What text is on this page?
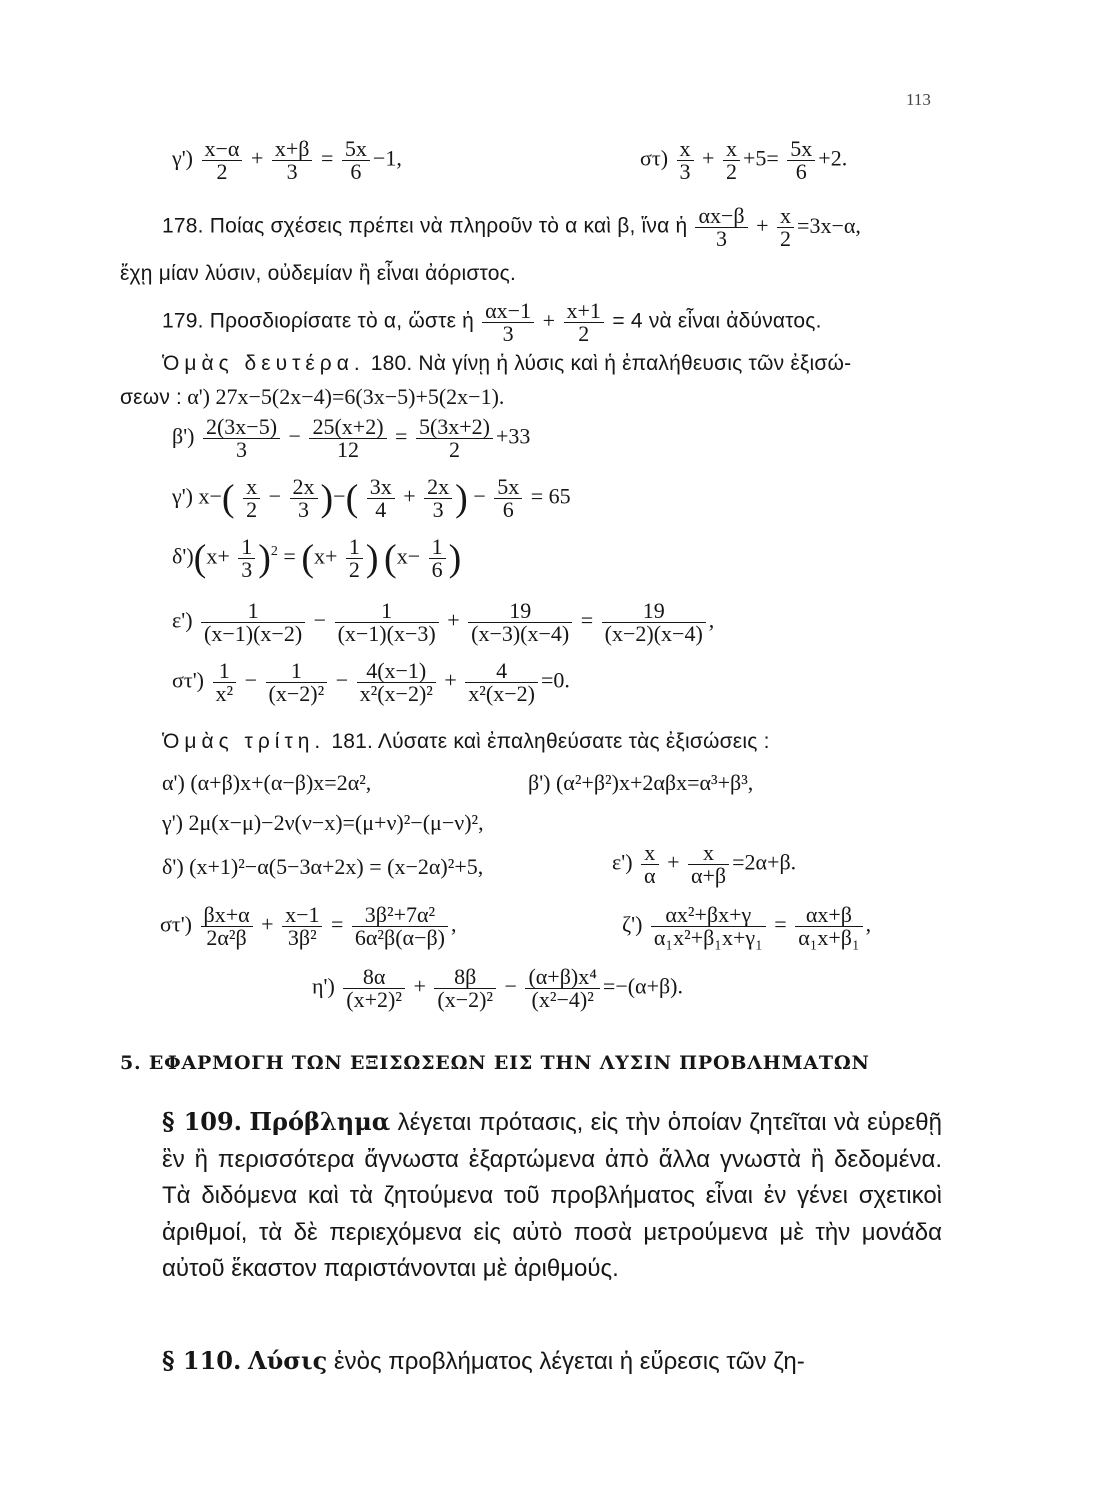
113
$\gamma') \frac{x-\alpha}{2} + \frac{x+\beta}{3} = \frac{5x}{6} -1$,	$\sigma\tau) \frac{x}{3} + \frac{x}{2} +5= \frac{5x}{6} +2$.
178. Ποίας σχέσεις πρέπει νὰ πληροῦν τὸ α καὶ β, ἵνα ἡ $\frac{\alpha x-\beta}{3} + \frac{x}{2} =3x-\alpha$,
ἔχῃ μίαν λύσιν, οὐδεμίαν ἢ εἶναι ἀόριστος.
179. Προσδιορίσατε τὸ α, ὥστε ἡ $\frac{\alpha x-1}{3} + \frac{x+1}{2} = 4$ νὰ εἶναι ἀδύνατος.
Ὁμὰς δευτέρα. 180. Νὰ γίνῃ ἡ λύσις καὶ ἡ ἐπαλήθευσις τῶν ἐξισώ-
σεων : α') 27x−5(2x−4)=6(3x−5)+5(2x−1).
$\beta') \frac{2(3x-5)}{3} - \frac{25(x+2)}{12} = \frac{5(3x+2)}{2} +33$
γ') $x-( \frac{x}{2} - \frac{2x}{3}$ )−( $\frac{3x}{4} + \frac{2x}{3}$ ) − $\frac{5x}{6} = 65$
$\delta')(x+ \frac{1}{3} )^2 = (x+ \frac{1}{2}$ ) ($x- \frac{1}{6}$ )
$\varepsilon') \frac{1}{(x-1)(x-2)} - \frac{1}{(x-1)(x-3)} + \frac{19}{(x-3)(x-4)} = \frac{19}{(x-2)(x-4)}$ ,
$\sigma\tau') \frac{1}{\text{x²}} - \frac{1}{\text{(x−2)²}} - \frac{4(x-1)}{\text{x²(x−2)²}} + \frac{4}{\text{x²(x−2)}} =0$.
Ὁμὰς τρίτη. 181. Λύσατε καὶ ἐπαληθεύσατε τὰς ἐξισώσεις :
α') (α+β)x+(α−β)x=2α²,	β') (α²+β²)x+2αβx=α³+β³,
γ') 2μ(x−μ)−2ν(ν−x)=(μ+ν)²−(μ−ν)²,
δ') (x+1)²−α(5−3α+2x) = (x−2α)²+5,	$\varepsilon') \frac{x}{\alpha} + \frac{x}{\alpha+\beta} =2\alpha+\beta$.
$\sigma\tau') \frac{\beta x+\alpha}{\text{2α²β}} + \frac{x-1}{\text{3β²}} = \frac{\text{3β²+7α²}}{\text{6α²β(α−β)}}$ ,	$\zeta') \frac{\text{αx²+βx+γ}}{\text{α₁x²+β₁x+γ₁}} = \frac{\alpha x+\beta}{\text{α₁x+β₁}}$ ,
$\eta') \frac{8\alpha}{\text{(x+2)²}} + \frac{8\beta}{\text{(x−2)²}} - \frac{\text{(α+β)x⁴}}{\text{(x²−4)²}} =-(\alpha+\beta)$.
5. ΕΦΑΡΜΟΓΗ ΤΩΝ ΕΞΙΣΩΣΕΩΝ ΕΙΣ ΤΗΝ ΛΥΣΙΝ ΠΡΟΒΛΗΜΑΤΩΝ
§ 109. Πρόβλημα λέγεται πρότασις, εἰς τὴν ὁποίαν ζητεῖται νὰ εὑρεθῇ ἓν ἢ περισσότερα ἄγνωστα ἐξαρτώμενα ἀπὸ ἄλλα γνωστὰ ἢ δεδομένα. Τὰ διδόμενα καὶ τὰ ζητούμενα τοῦ προβλήματος εἶναι ἐν γένει σχετικοὶ ἀριθμοί, τὰ δὲ περιεχόμενα εἰς αὐτὸ ποσὰ μετρούμενα μὲ τὴν μονάδα αὐτοῦ ἕκαστον παριστάνονται μὲ ἀριθμούς.
§ 110. Λύσις ἑνὸς προβλήματος λέγεται ἡ εὕρεσις τῶν ζη-
